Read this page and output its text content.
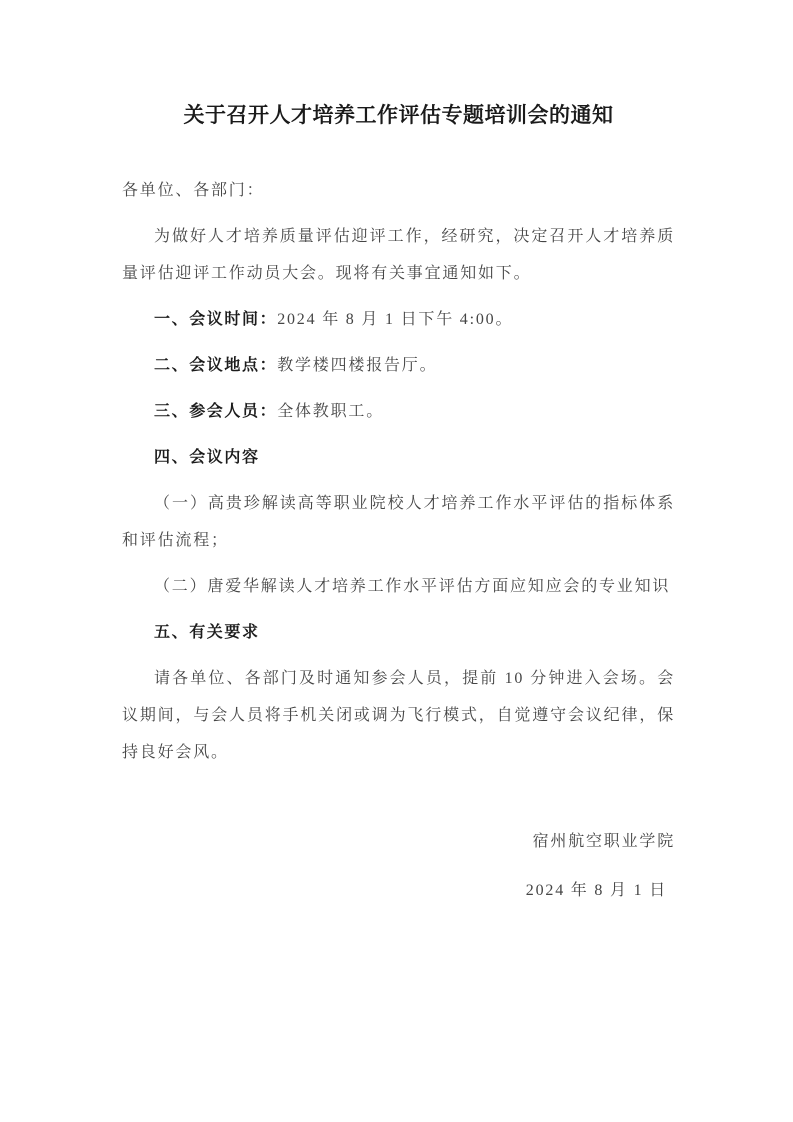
关于召开人才培养工作评估专题培训会的通知

各单位、各部门：

为做好人才培养质量评估迎评工作，经研究，决定召开人才培养质量评估迎评工作动员大会。现将有关事宜通知如下。

一、会议时间：2024 年 8 月 1 日下午 4:00。

二、会议地点：教学楼四楼报告厅。

三、参会人员：全体教职工。

四、会议内容

（一）高贵珍解读高等职业院校人才培养工作水平评估的指标体系和评估流程；

（二）唐爱华解读人才培养工作水平评估方面应知应会的专业知识

五、有关要求

请各单位、各部门及时通知参会人员，提前 10 分钟进入会场。会议期间，与会人员将手机关闭或调为飞行模式，自觉遵守会议纪律，保持良好会风。

宿州航空职业学院

2024 年 8 月 1 日
